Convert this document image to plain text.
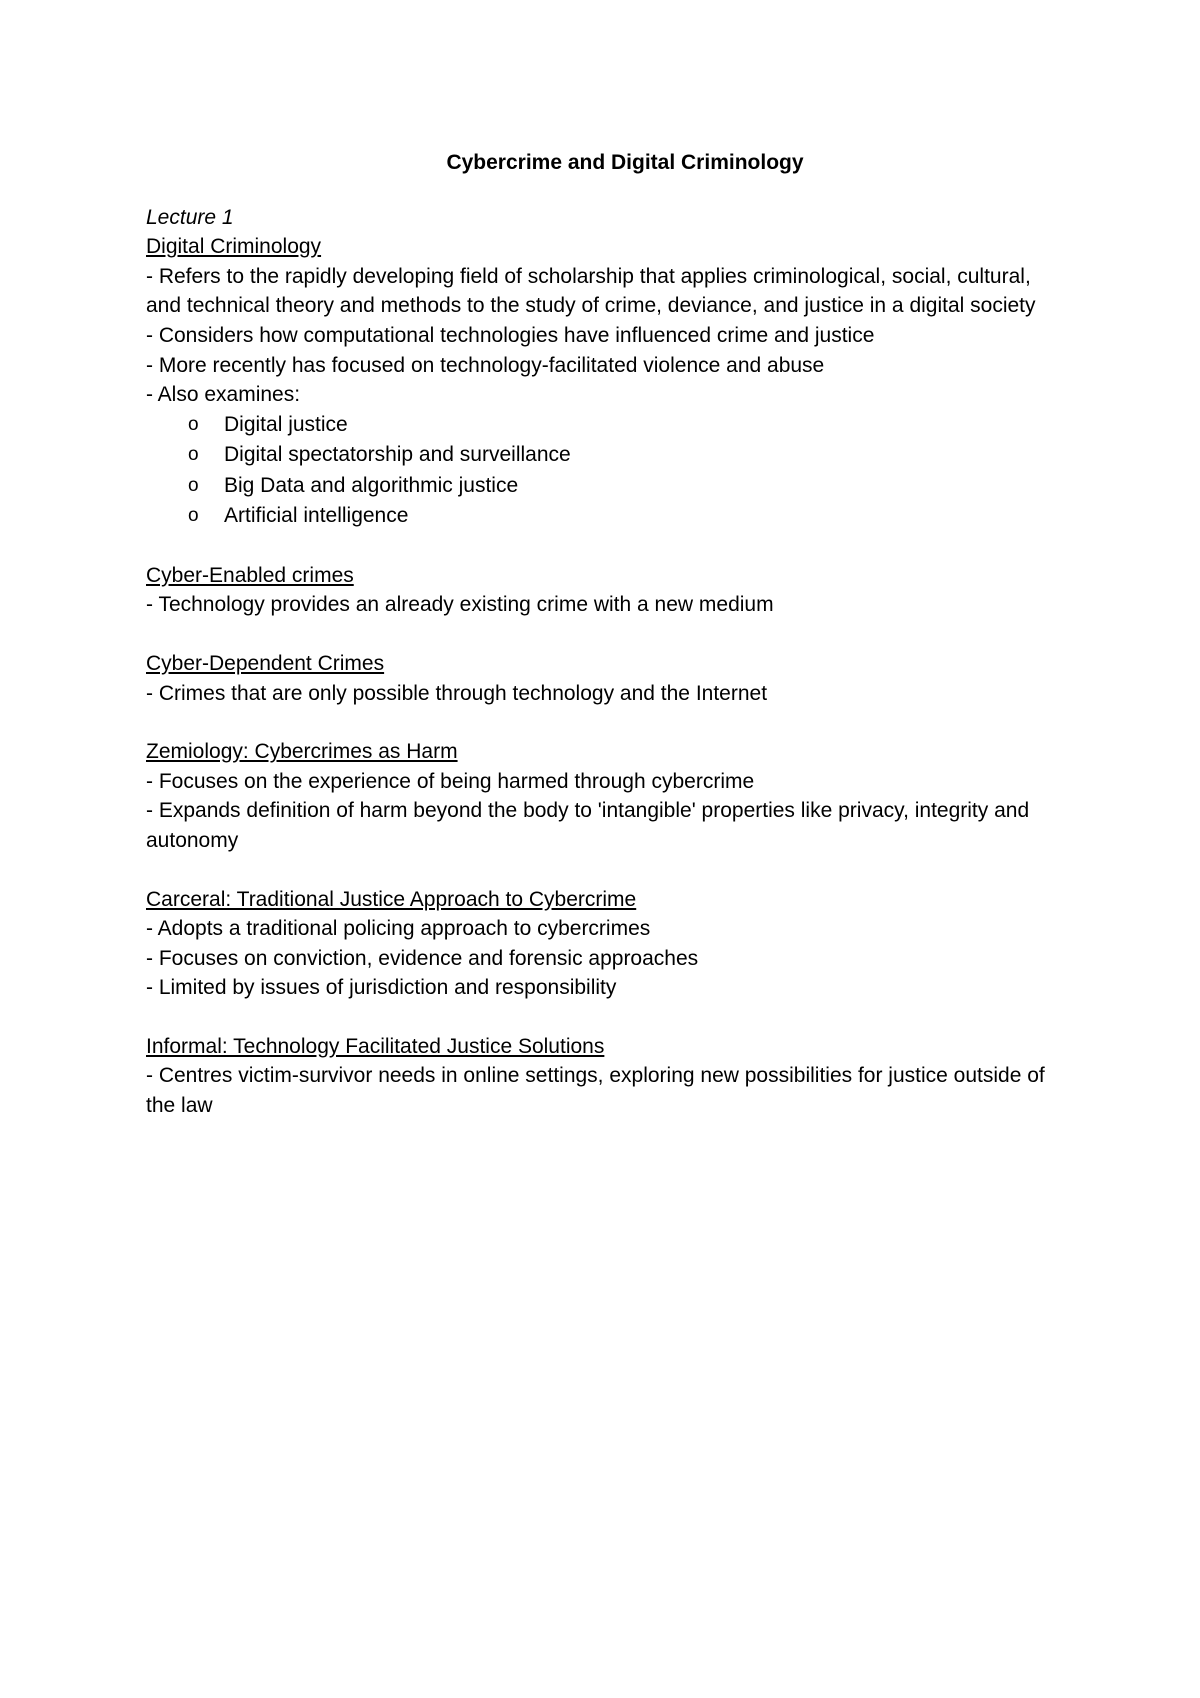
Cybercrime and Digital Criminology
Lecture 1
Digital Criminology

- Refers to the rapidly developing field of scholarship that applies criminological, social, cultural, and technical theory and methods to the study of crime, deviance, and justice in a digital society

- Considers how computational technologies have influenced crime and justice

- More recently has focused on technology-facilitated violence and abuse

- Also examines:

o Digital justice
o Digital spectatorship and surveillance
o Big Data and algorithmic justice
o Artificial intelligence
Cyber-Enabled crimes

- Technology provides an already existing crime with a new medium

Cyber-Dependent Crimes

- Crimes that are only possible through technology and the Internet

Zemiology: Cybercrimes as Harm

- Focuses on the experience of being harmed through cybercrime

- Expands definition of harm beyond the body to 'intangible' properties like privacy, integrity and autonomy

Carceral: Traditional Justice Approach to Cybercrime

- Adopts a traditional policing approach to cybercrimes

- Focuses on conviction, evidence and forensic approaches

- Limited by issues of jurisdiction and responsibility

Informal: Technology Facilitated Justice Solutions

- Centres victim-survivor needs in online settings, exploring new possibilities for justice outside of the law
